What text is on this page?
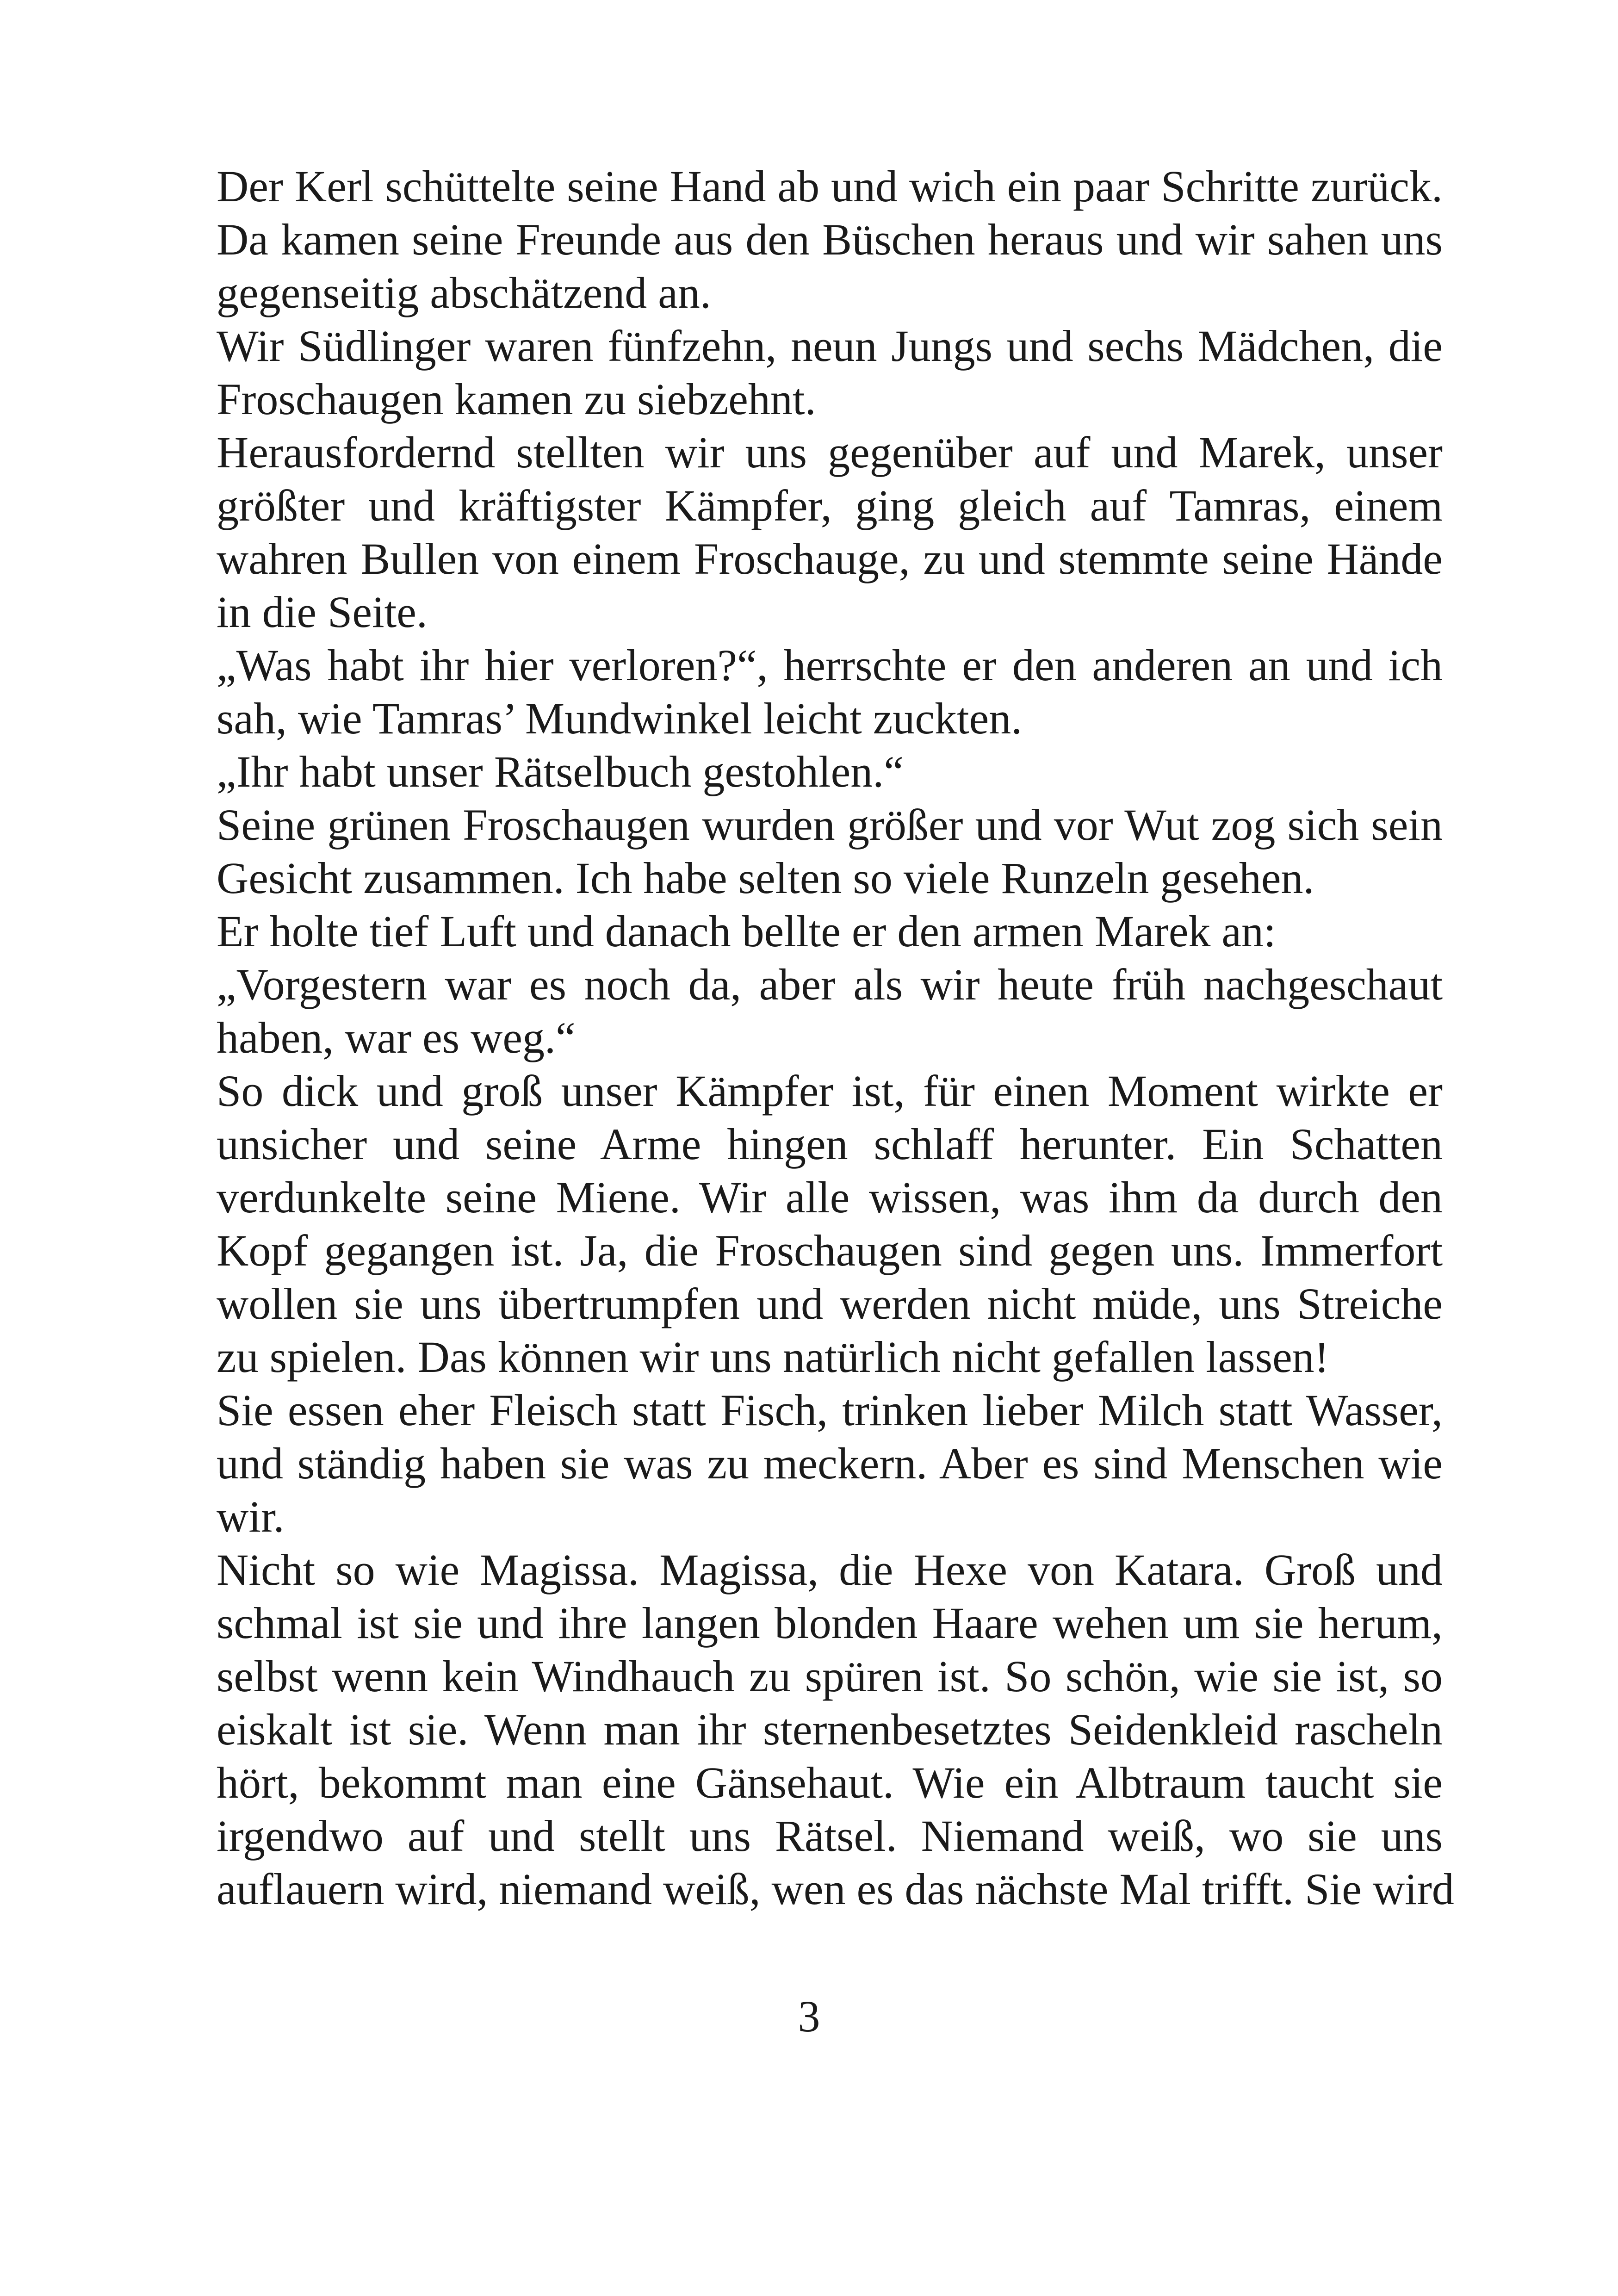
Der Kerl schüttelte seine Hand ab und wich ein paar Schritte zurück.
Da kamen seine Freunde aus den Büschen heraus und wir sahen uns
gegenseitig abschätzend an.
Wir Südlinger waren fünfzehn, neun Jungs und sechs Mädchen, die
Froschaugen kamen zu siebzehnt.
Herausfordernd stellten wir uns gegenüber auf und Marek, unser
größter und kräftigster Kämpfer, ging gleich auf Tamras, einem
wahren Bullen von einem Froschauge, zu und stemmte seine Hände
in die Seite.
„Was habt ihr hier verloren?“, herrschte er den anderen an und ich
sah, wie Tamras’ Mundwinkel leicht zuckten.
„Ihr habt unser Rätselbuch gestohlen.“
Seine grünen Froschaugen wurden größer und vor Wut zog sich sein
Gesicht zusammen. Ich habe selten so viele Runzeln gesehen.
Er holte tief Luft und danach bellte er den armen Marek an:
„Vorgestern war es noch da, aber als wir heute früh nachgeschaut
haben, war es weg.“
So dick und groß unser Kämpfer ist, für einen Moment wirkte er
unsicher und seine Arme hingen schlaff herunter. Ein Schatten
verdunkelte seine Miene. Wir alle wissen, was ihm da durch den
Kopf gegangen ist. Ja, die Froschaugen sind gegen uns. Immerfort
wollen sie uns übertrumpfen und werden nicht müde, uns Streiche
zu spielen. Das können wir uns natürlich nicht gefallen lassen!
Sie essen eher Fleisch statt Fisch, trinken lieber Milch statt Wasser,
und ständig haben sie was zu meckern. Aber es sind Menschen wie
wir.
Nicht so wie Magissa. Magissa, die Hexe von Katara. Groß und
schmal ist sie und ihre langen blonden Haare wehen um sie herum,
selbst wenn kein Windhauch zu spüren ist. So schön, wie sie ist, so
eiskalt ist sie. Wenn man ihr sternenbesetztes Seidenkleid rascheln
hört, bekommt man eine Gänsehaut. Wie ein Albtraum taucht sie
irgendwo auf und stellt uns Rätsel. Niemand weiß, wo sie uns
auflauern wird, niemand weiß, wen es das nächste Mal trifft. Sie wird
3
